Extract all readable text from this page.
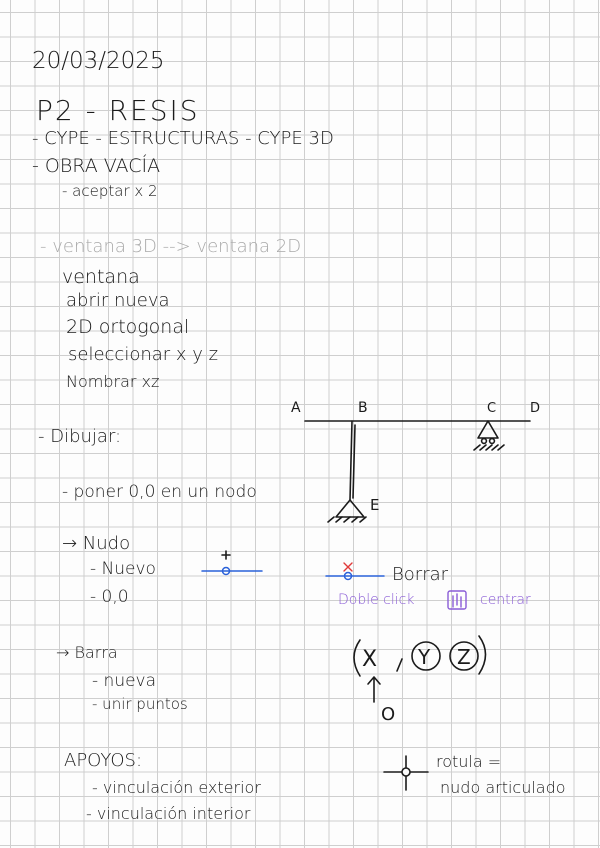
20/03/2025
P2 - RESIS
- CYPE - ESTRUCTURAS - CYPE 3D
- OBRA VACÍA
- aceptar x 2
- ventana 3D --> ventana 2D
ventana
abrir nueva
2D ortogonal
seleccionar x y z
Nombrar xz
- Dibujar:
- poner 0,0 en un nodo
→ Nudo
- Nuevo
- 0,0
Borrar
Doble click	centrar
→ Barra
- nueva
- unir puntos
APOYOS:
- vinculación exterior
- vinculación interior
rotula =
nudo articulado
A	B	C	D
E
X Y Z
O
